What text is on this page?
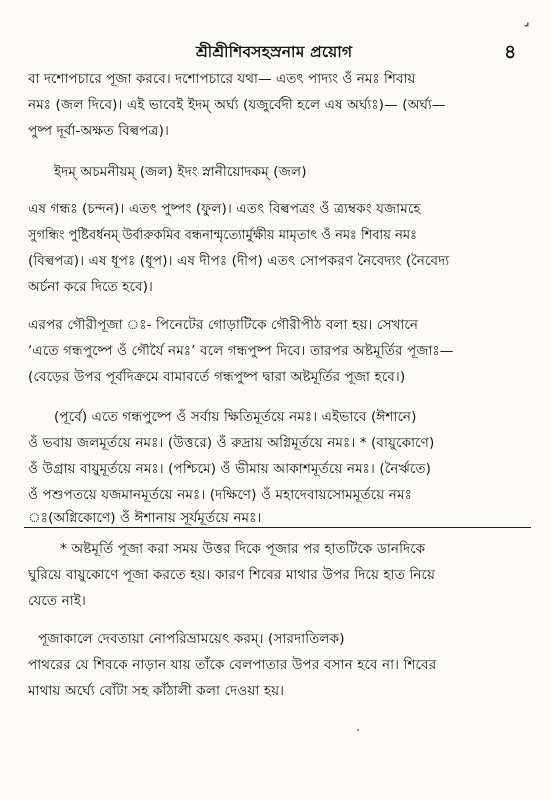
⌟
শ্রীশ্রীশিবসহস্রনাম প্রয়োগ	৪
বা দশোপচারে পূজা করবে। দশোপচারে যথা— এতৎ পাদ্যং ওঁ নমঃ শিবায়
নমঃ (জল দিবে)। এই ভাবেই ইদম্ অর্ঘ্য (যজুর্বেদী হলে এষ অর্ঘ্যঃ)— (অর্ঘ্য—
পুষ্প দূর্বা-অক্ষত বিল্বপত্র)।
ইদম্ অচমনীয়ম্ (জল) ইদং স্নানীয়োদকম্ (জল)
এষ গন্ধঃ (চন্দন)। এতৎ পুষ্পং (ফুল)। এতৎ বিল্বপত্রং ওঁ ত্র্যম্বকং যজামহে
সুগন্ধিং পুষ্টিবর্ধনম্ উর্বারুকমিব বন্ধনান্মৃত্যোর্মুক্ষীয় মামৃতাৎ ওঁ নমঃ শিবায় নমঃ
(বিল্বপত্র)। এষ ধূপঃ (ধূপ)। এষ দীপঃ (দীপ) এতৎ সোপকরণ নৈবেদ্যং (নৈবেদ্য
অর্চনা করে দিতে হবে)।
এরপর গৌরীপূজা ঃ- পিনেটের গোড়াটিকে গৌরীপীঠ বলা হয়। সেখানে
‘এতে গন্ধপুষ্পে ওঁ গৌর্যৈ নমঃ’ বলে গন্ধপুষ্প দিবে। তারপর অষ্টমূর্তির পূজাঃ—
(বেড়ের উপর পূর্বদিক্রমে বামাবর্তে গন্ধপুষ্প দ্বারা অষ্টমূর্তির পূজা হবে।)
(পূর্বে) এতে গন্ধপুষ্পে ওঁ সর্বায় ক্ষিতিমূর্তয়ে নমঃ। এইভাবে (ঈশানে)
ওঁ ভবায় জলমূর্তয়ে নমঃ। (উত্তরে) ওঁ রুদ্রায় অগ্নিমূর্তয়ে নমঃ। * (বায়ুকোণে)
ওঁ উগ্রায় বায়ুমূর্তয়ে নমঃ। (পশ্চিমে) ওঁ ভীমায় আকাশমূর্তয়ে নমঃ। (নৈর্ঋতে)
ওঁ পশুপতয়ে যজমানমূর্তয়ে নমঃ। (দক্ষিণে) ওঁ মহাদেবায়সোমমূর্তয়ে নমঃ
ঃ(অগ্নিকোণে) ওঁ ঈশানায় সূর্যমূর্তয়ে নমঃ।
* অষ্টমূর্তি পূজা করা সময় উত্তর দিকে পূজার পর হাতটিকে ডানদিকে
ঘুরিয়ে বায়ুকোণে পূজা করতে হয়। কারণ শিবের মাথার উপর দিয়ে হাত নিয়ে
যেতে নাই।
পূজাকালে দেবতায়া নোপরিভ্রাময়েৎ করম্। (সারদাতিলক)
পাথরের যে শিবকে নাড়ান যায় তাঁকে বেলপাতার উপর বসান হবে না। শিবের
মাথায় অর্ঘ্যে বোঁটা সহ কাঁঠালী কলা দেওয়া হয়।
